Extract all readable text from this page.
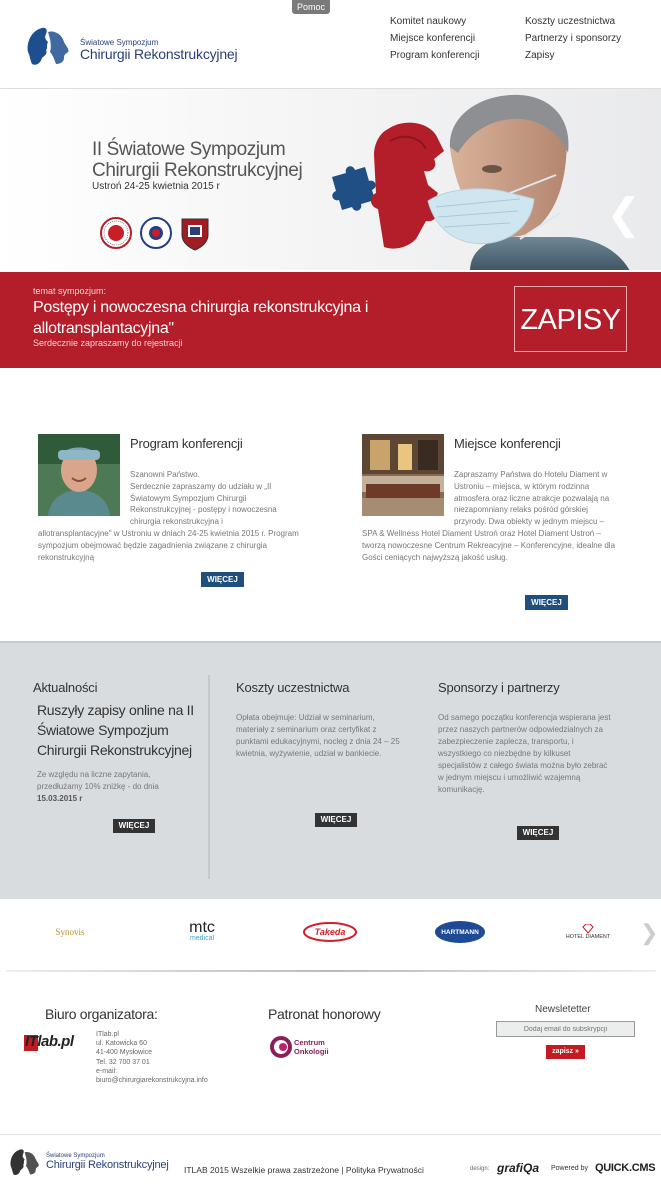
Pomoc
Światowe Sympozjum
Chirurgii Rekonstrukcyjnej
Komitet naukowy	Koszty uczestnictwa
Miejsce konferencji	Partnerzy i sponsorzy
Program konferencji	Zapisy
II Światowe Sympozjum
Chirurgii Rekonstrukcyjnej
Ustroń 24-25 kwietnia 2015 r
❮
temat sympozjum:
Postępy i nowoczesna chirurgia rekonstrukcyjna i allotransplantacyjna"
Serdecznie zapraszamy do rejestracji
ZAPISY
Program konferencji
Szanowni Państwo.
Serdecznie zapraszamy do udziału w „II Światowym Sympozjum Chirurgii Rekonstrukcyjnej - postępy i nowoczesna chirurgia rekonstrukcyjna i
allotransplantacyjne" w Ustroniu w dniach 24-25 kwietnia 2015 r. Program sympozjum obejmować będzie zagadnienia związane z chirurgia rekonstrukcyjną
WIĘCEJ
Miejsce konferencji
Zapraszamy Państwa do Hotelu Diament w Ustroniu – miejsca, w którym rodzinna atmosfera oraz liczne atrakcje pozwalają na niezapomniany relaks pośród górskiej przyrody. Dwa obiekty w jednym miejscu –
SPA & Wellness Hotel Diament Ustroń oraz Hotel Diament Ustroń – tworzą nowoczesne Centrum Rekreacyjne – Konferencyjne, idealne dla Gości ceniących najwyższą jakość usług.
WIĘCEJ
Aktualności
Ruszyły zapisy online na II Światowe Sympozjum Chirurgii Rekonstrukcyjnej
Ze względu na liczne zapytania, przedłużamy 10% zniżkę - do dnia 15.03.2015 r
WIĘCEJ
Koszty uczestnictwa
Opłata obejmuje: Udział w seminarium, materiały z seminarium oraz certyfikat z punktami edukacyjnymi, nocleg z dnia 24 – 25 kwietnia, wyżywienie, udział w bankiecie.
WIĘCEJ
Sponsorzy i partnerzy
Od samego początku konferencja wspierana jest przez naszych partnerów odpowiedzialnych za zabezpieczenie zaplecza, transportu, i wszystkiego co niezbędne by kilkuset specjalistów z całego świata można było zebrać w jednym miejscu i umożliwić wzajemną komunikację.
WIĘCEJ
Synovis	mtc
medical
Takeda	HARTMANN
HOTEL DIAMENT ❯
Biuro organizatora:
ITlab.pl	ITlab.pl
ul. Katowicka 60
41-400 Mysłowice
Tel. 32 700 37 01
e-mail:
biuro@chirurgiarekonstrukcyjna.info
Patronat honorowy
Centrum
Onkologii
Newsletetter
Dodaj email do subskrypcji
zapisz »
Światowe Sympozjum
Chirurgii Rekonstrukcyjnej ITLAB 2015 Wszelkie prawa zastrzeżone | Polityka Prywatności	design: grafiQa Powered by QUICK.CMS
